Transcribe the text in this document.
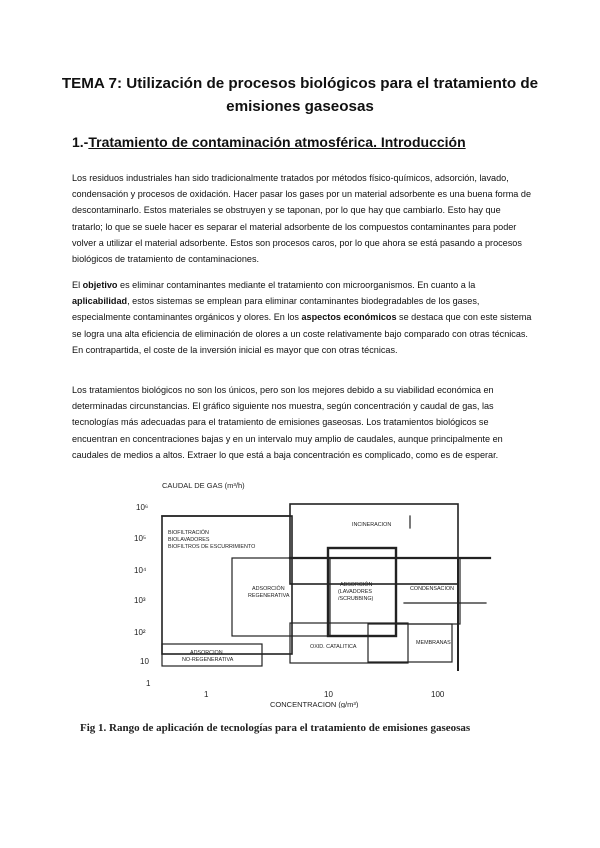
TEMA 7: Utilización de procesos biológicos para el tratamiento de
emisiones gaseosas
1.-Tratamiento de contaminación atmosférica. Introducción

Los residuos industriales han sido tradicionalmente tratados por métodos físico-químicos, adsorción, lavado, condensación y procesos de oxidación. Hacer pasar los gases por un material adsorbente es una buena forma de descontaminarlo. Estos materiales se obstruyen y se taponan, por lo que hay que cambiarlo. Esto hay que tratarlo; lo que se suele hacer es separar el material adsorbente de los compuestos contaminantes para poder volver a utilizar el material adsorbente. Estos son procesos caros, por lo que ahora se está pasando a procesos biológicos de tratamiento de contaminaciones.

El objetivo es eliminar contaminantes mediante el tratamiento con microorganismos. En cuanto a la aplicabilidad, estos sistemas se emplean para eliminar contaminantes biodegradables de los gases, especialmente contaminantes orgánicos y olores. En los aspectos económicos se destaca que con este sistema se logra una alta eficiencia de eliminación de olores a un coste relativamente bajo comparado con otras técnicas. En contrapartida, el coste de la inversión inicial es mayor que con otras técnicas.

Los tratamientos biológicos no son los únicos, pero son los mejores debido a su viabilidad económica en determinadas circunstancias. El gráfico siguiente nos muestra, según concentración y caudal de gas, las tecnologías más adecuadas para el tratamiento de emisiones gaseosas. Los tratamientos biológicos se encuentran en concentraciones bajas y en un intervalo muy amplio de caudales, aunque principalmente en caudales de medios a altos. Extraer lo que está a baja concentración es complicado, como es de esperar.

CAUDAL DE GAS (m³/h)
CONCENTRACION (g/m³)
10⁶
10⁵
10⁴
10³
10²
10
1
1	10	100
BIOFILTRACIÓN
BIOLAVADORES
BIOFILTROS DE ESCURRIMIENTO
INCINERACION
ADSORCIÓN
REGENERATIVA
ABSORCIÓN
(LAVADORES
/SCRUBBING)
CONDENSACION
OXID. CATALITICA
MEMBRANAS
ADSORCION
NO-REGENERATIVA
Fig 1. Rango de aplicación de tecnologías para el tratamiento de emisiones gaseosas
